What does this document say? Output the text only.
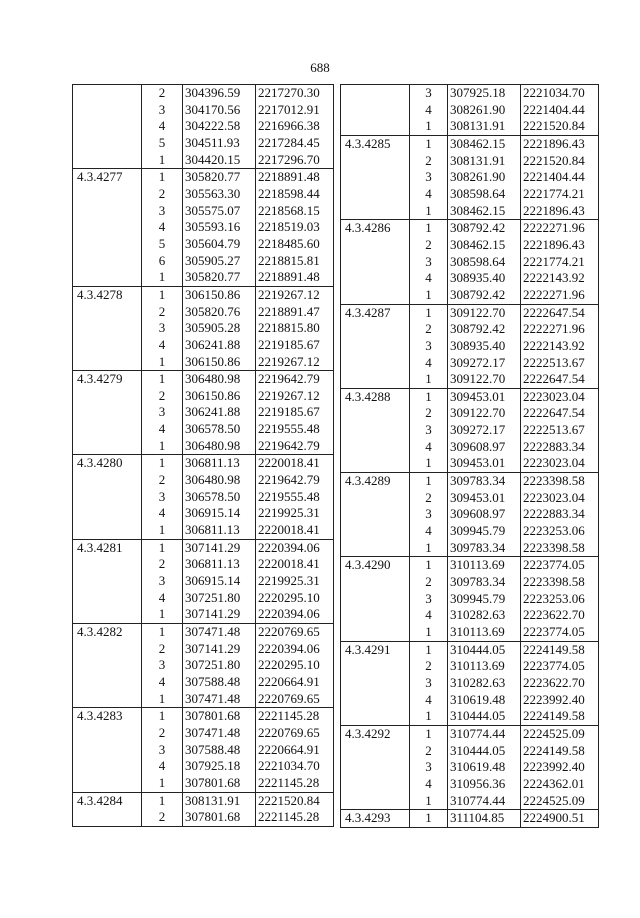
688
	2	304396.59	2217270.30
	3	304170.56	2217012.91
	4	304222.58	2216966.38
	5	304511.93	2217284.45
	1	304420.15	2217296.70
4.3.4277	1	305820.77	2218891.48
	2	305563.30	2218598.44
	3	305575.07	2218568.15
	4	305593.16	2218519.03
	5	305604.79	2218485.60
	6	305905.27	2218815.81
	1	305820.77	2218891.48
4.3.4278	1	306150.86	2219267.12
	2	305820.76	2218891.47
	3	305905.28	2218815.80
	4	306241.88	2219185.67
	1	306150.86	2219267.12
4.3.4279	1	306480.98	2219642.79
	2	306150.86	2219267.12
	3	306241.88	2219185.67
	4	306578.50	2219555.48
	1	306480.98	2219642.79
4.3.4280	1	306811.13	2220018.41
	2	306480.98	2219642.79
	3	306578.50	2219555.48
	4	306915.14	2219925.31
	1	306811.13	2220018.41
4.3.4281	1	307141.29	2220394.06
	2	306811.13	2220018.41
	3	306915.14	2219925.31
	4	307251.80	2220295.10
	1	307141.29	2220394.06
4.3.4282	1	307471.48	2220769.65
	2	307141.29	2220394.06
	3	307251.80	2220295.10
	4	307588.48	2220664.91
	1	307471.48	2220769.65
4.3.4283	1	307801.68	2221145.28
	2	307471.48	2220769.65
	3	307588.48	2220664.91
	4	307925.18	2221034.70
	1	307801.68	2221145.28
4.3.4284	1	308131.91	2221520.84
	2	307801.68	2221145.28
	3	307925.18	2221034.70
	4	308261.90	2221404.44
	1	308131.91	2221520.84
4.3.4285	1	308462.15	2221896.43
	2	308131.91	2221520.84
	3	308261.90	2221404.44
	4	308598.64	2221774.21
	1	308462.15	2221896.43
4.3.4286	1	308792.42	2222271.96
	2	308462.15	2221896.43
	3	308598.64	2221774.21
	4	308935.40	2222143.92
	1	308792.42	2222271.96
4.3.4287	1	309122.70	2222647.54
	2	308792.42	2222271.96
	3	308935.40	2222143.92
	4	309272.17	2222513.67
	1	309122.70	2222647.54
4.3.4288	1	309453.01	2223023.04
	2	309122.70	2222647.54
	3	309272.17	2222513.67
	4	309608.97	2222883.34
	1	309453.01	2223023.04
4.3.4289	1	309783.34	2223398.58
	2	309453.01	2223023.04
	3	309608.97	2222883.34
	4	309945.79	2223253.06
	1	309783.34	2223398.58
4.3.4290	1	310113.69	2223774.05
	2	309783.34	2223398.58
	3	309945.79	2223253.06
	4	310282.63	2223622.70
	1	310113.69	2223774.05
4.3.4291	1	310444.05	2224149.58
	2	310113.69	2223774.05
	3	310282.63	2223622.70
	4	310619.48	2223992.40
	1	310444.05	2224149.58
4.3.4292	1	310774.44	2224525.09
	2	310444.05	2224149.58
	3	310619.48	2223992.40
	4	310956.36	2224362.01
	1	310774.44	2224525.09
4.3.4293	1	311104.85	2224900.51
